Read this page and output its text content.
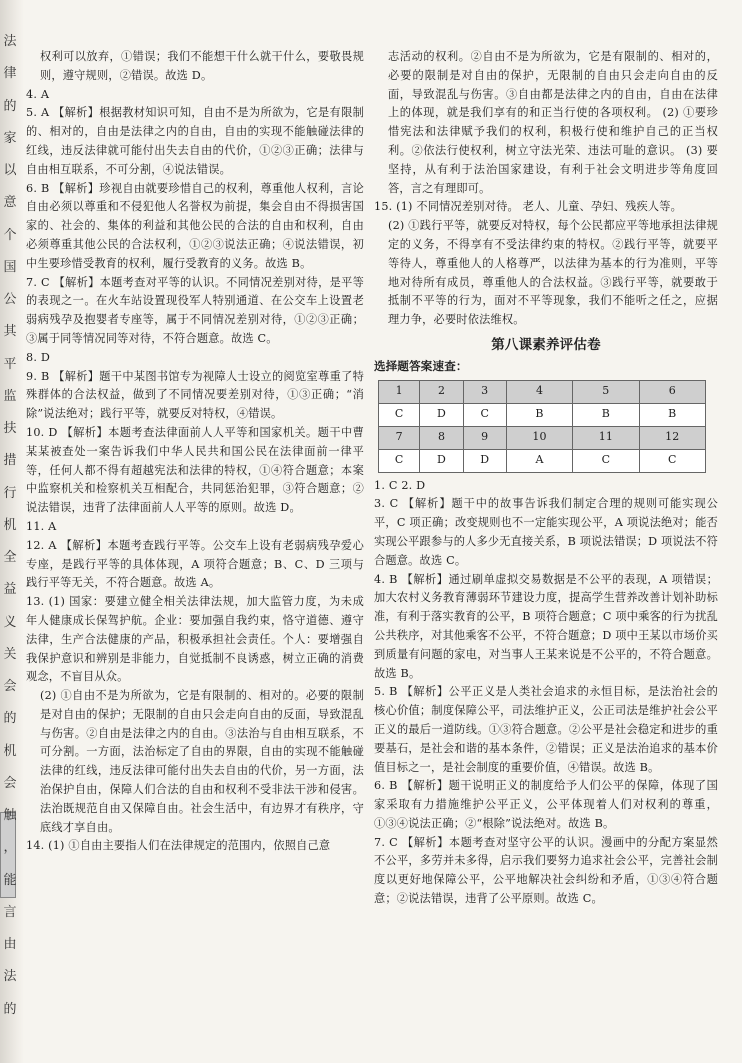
法
律
的
家
以
意
个
国
公
其
平
监
扶
措
行
机
全
益
义
关
会
的
机
会
触
，
能
言
由
法
的

权利可以放弃，①错误；我们不能想干什么就干什么，要敬畏规则，遵守规则，②错误。故选 D。

4. A

5. A 【解析】根据教材知识可知，自由不是为所欲为，它是有限制的、相对的，自由是法律之内的自由，自由的实现不能触碰法律的红线，违反法律就可能付出失去自由的代价，①②③正确；法律与自由相互联系，不可分割，④说法错误。

6. B 【解析】珍视自由就要珍惜自己的权利，尊重他人权利，言论自由必须以尊重和不侵犯他人名誉权为前提，集会自由不得损害国家的、社会的、集体的利益和其他公民的合法的自由和权利，自由必须尊重其他公民的合法权利，①②③说法正确；④说法错误，初中生要珍惜受教育的权利，履行受教育的义务。故选 B。

7. C 【解析】本题考查对平等的认识。不同情况差别对待，是平等的表现之一。在火车站设置现役军人特别通道、在公交车上设置老弱病残孕及抱婴者专座等，属于不同情况差别对待，①②③正确；③属于同等情况同等对待，不符合题意。故选 C。

8. D

9. B 【解析】题干中某图书馆专为视障人士设立的阅览室尊重了特殊群体的合法权益，做到了不同情况要差别对待，①③正确；“消除”说法绝对；践行平等，就要反对特权，④错误。

10. D 【解析】本题考查法律面前人人平等和国家机关。题干中曹某某被查处一案告诉我们中华人民共和国公民在法律面前一律平等，任何人都不得有超越宪法和法律的特权，①④符合题意；本案中监察机关和检察机关互相配合，共同惩治犯罪，③符合题意；②说法错误，违背了法律面前人人平等的原则。故选 D。

11. A

12. A 【解析】本题考查践行平等。公交车上设有老弱病残孕爱心专座，是践行平等的具体体现，A 项符合题意；B、C、D 三项与践行平等无关，不符合题意。故选 A。

13. (1) 国家：要建立健全相关法律法规，加大监管力度，为未成年人健康成长保驾护航。企业：要加强自我约束，恪守道德、遵守法律，生产合法健康的产品，积极承担社会责任。个人：要增强自我保护意识和辨别是非能力，自觉抵制不良诱惑，树立正确的消费观念，不盲目从众。

(2) ①自由不是为所欲为，它是有限制的、相对的。必要的限制是对自由的保护；无限制的自由只会走向自由的反面，导致混乱与伤害。②自由是法律之内的自由。③法治与自由相互联系，不可分割。一方面，法治标定了自由的界限，自由的实现不能触碰法律的红线，违反法律可能付出失去自由的代价，另一方面，法治保护自由，保障人们合法的自由和权利不受非法干涉和侵害。法治既规范自由又保障自由。社会生活中，有边界才有秩序，守底线才享自由。

14. (1) ①自由主要指人们在法律规定的范围内，依照自己意

志活动的权利。②自由不是为所欲为，它是有限制的、相对的，必要的限制是对自由的保护，无限制的自由只会走向自由的反面，导致混乱与伤害。③自由都是法律之内的自由，自由在法律上的体现，就是我们享有的和正当行使的各项权利。 (2) ①要珍惜宪法和法律赋予我们的权利，积极行使和维护自己的正当权利。②依法行使权利，树立守法光荣、违法可耻的意识。 (3) 要坚持，从有利于法治国家建设，有利于社会文明进步等角度回答，言之有理即可。

15. (1) 不同情况差别对待。 老人、儿童、孕妇、残疾人等。

(2) ①践行平等，就要反对特权，每个公民都应平等地承担法律规定的义务，不得享有不受法律约束的特权。②践行平等，就要平等待人，尊重他人的人格尊严，以法律为基本的行为准则，平等地对待所有成员，尊重他人的合法权益。③践行平等，就要敢于抵制不平等的行为，面对不平等现象，我们不能听之任之，应据理力争，必要时依法维权。

第八课素养评估卷
选择题答案速查：
1	2	3	4	5	6
C	D	C	B	B	B
7	8	9	10	11	12
C	D	D	A	C	C

1. C 2. D

3. C 【解析】题干中的故事告诉我们制定合理的规则可能实现公平，C 项正确；改变规则也不一定能实现公平，A 项说法绝对；能否实现公平跟参与的人多少无直接关系，B 项说法错误；D 项说法不符合题意。故选 C。

4. B 【解析】通过刷单虚拟交易数据是不公平的表现，A 项错误；加大农村义务教育薄弱环节建设力度，提高学生营养改善计划补助标准，有利于落实教育的公平，B 项符合题意；C 项中乘客的行为扰乱公共秩序，对其他乘客不公平，不符合题意；D 项中王某以市场价买到质量有问题的家电，对当事人王某来说是不公平的，不符合题意。故选 B。

5. B 【解析】公平正义是人类社会追求的永恒目标，是法治社会的核心价值；制度保障公平，司法维护正义，公正司法是维护社会公平正义的最后一道防线。①③符合题意。②公平是社会稳定和进步的重要基石，是社会和谐的基本条件，②错误；正义是法治追求的基本价值目标之一，是社会制度的重要价值，④错误。故选 B。

6. B 【解析】题干说明正义的制度给予人们公平的保障，体现了国家采取有力措施维护公平正义，公平体现着人们对权利的尊重，①③④说法正确；②“根除”说法绝对。故选 B。

7. C 【解析】本题考查对坚守公平的认识。漫画中的分配方案显然不公平，多劳并未多得，启示我们要努力追求社会公平，完善社会制度以更好地保障公平，公平地解决社会纠纷和矛盾，①③④符合题意；②说法错误，违背了公平原则。故选 C。
